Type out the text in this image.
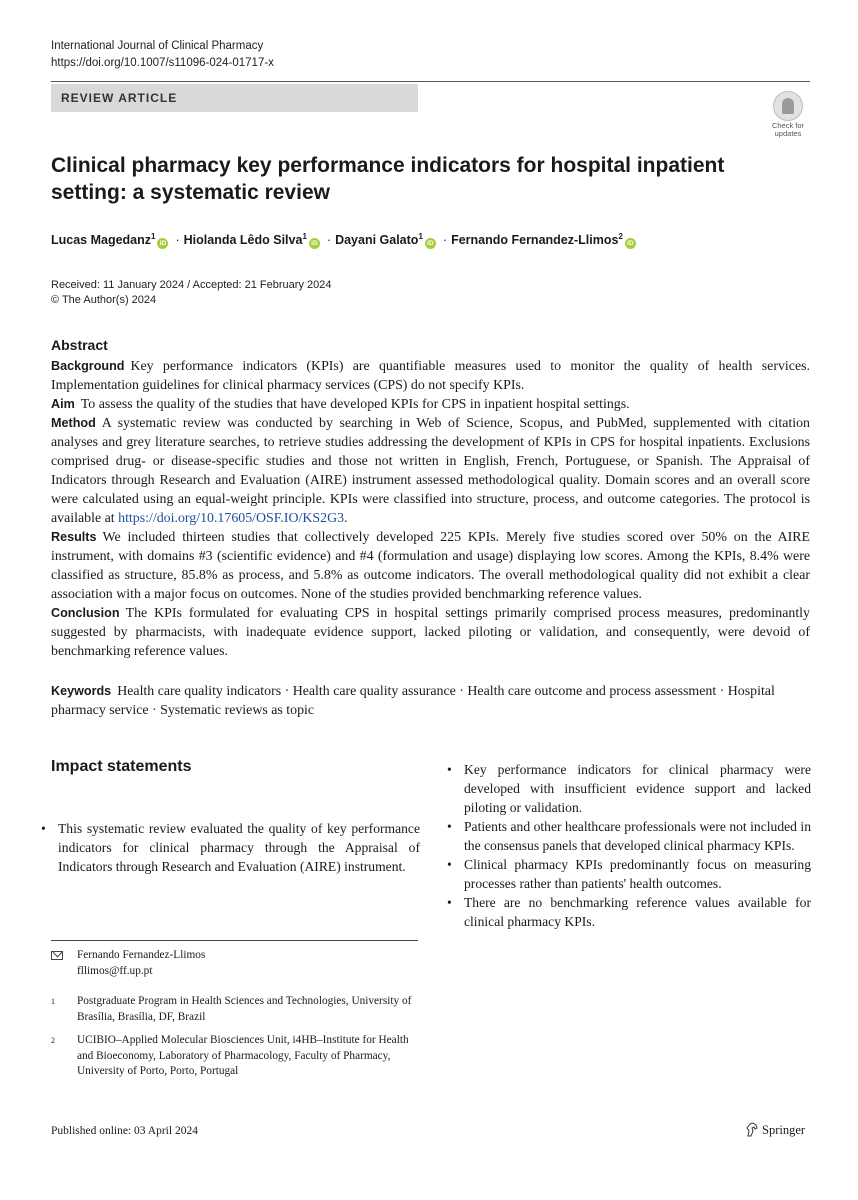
International Journal of Clinical Pharmacy
https://doi.org/10.1007/s11096-024-01717-x
REVIEW ARTICLE
Check for
updates
Clinical pharmacy key performance indicators for hospital inpatient setting: a systematic review
Lucas Magedanz$^1$iD · Hiolanda Lêdo Silva$^1$iD · Dayani Galato$^1$iD · Fernando Fernandez-Llimos$^2$iD
Received: 11 January 2024 / Accepted: 21 February 2024
© The Author(s) 2024
Abstract
Background Key performance indicators (KPIs) are quantifiable measures used to monitor the quality of health services. Implementation guidelines for clinical pharmacy services (CPS) do not specify KPIs.
Aim To assess the quality of the studies that have developed KPIs for CPS in inpatient hospital settings.
Method A systematic review was conducted by searching in Web of Science, Scopus, and PubMed, supplemented with citation analyses and grey literature searches, to retrieve studies addressing the development of KPIs in CPS for hospital inpatients. Exclusions comprised drug- or disease-specific studies and those not written in English, French, Portuguese, or Spanish. The Appraisal of Indicators through Research and Evaluation (AIRE) instrument assessed methodological quality. Domain scores and an overall score were calculated using an equal-weight principle. KPIs were classified into structure, process, and outcome categories. The protocol is available at https://doi.org/10.17605/OSF.IO/KS2G3.
Results We included thirteen studies that collectively developed 225 KPIs. Merely five studies scored over 50% on the AIRE instrument, with domains #3 (scientific evidence) and #4 (formulation and usage) displaying low scores. Among the KPIs, 8.4% were classified as structure, 85.8% as process, and 5.8% as outcome indicators. The overall methodological quality did not exhibit a clear association with a major focus on outcomes. None of the studies provided benchmarking reference values.
Conclusion The KPIs formulated for evaluating CPS in hospital settings primarily comprised process measures, predominantly suggested by pharmacists, with inadequate evidence support, lacked piloting or validation, and consequently, were devoid of benchmarking reference values.
Keywords Health care quality indicators · Health care quality assurance · Health care outcome and process assessment · Hospital pharmacy service · Systematic reviews as topic
Impact statements
• This systematic review evaluated the quality of key performance indicators for clinical pharmacy through the Appraisal of Indicators through Research and Evaluation (AIRE) instrument.
• Key performance indicators for clinical pharmacy were developed with insufficient evidence support and lacked piloting or validation.
• Patients and other healthcare professionals were not included in the consensus panels that developed clinical pharmacy KPIs.
• Clinical pharmacy KPIs predominantly focus on measuring processes rather than patients' health outcomes.
• There are no benchmarking reference values available for clinical pharmacy KPIs.
Fernando Fernandez-Llimos
fllimos@ff.up.pt
1 Postgraduate Program in Health Sciences and Technologies, University of Brasília, Brasília, DF, Brazil
2 UCIBIO–Applied Molecular Biosciences Unit, i4HB–Institute for Health and Bioeconomy, Laboratory of Pharmacology, Faculty of Pharmacy, University of Porto, Porto, Portugal
Published online: 03 April 2024	Springer
